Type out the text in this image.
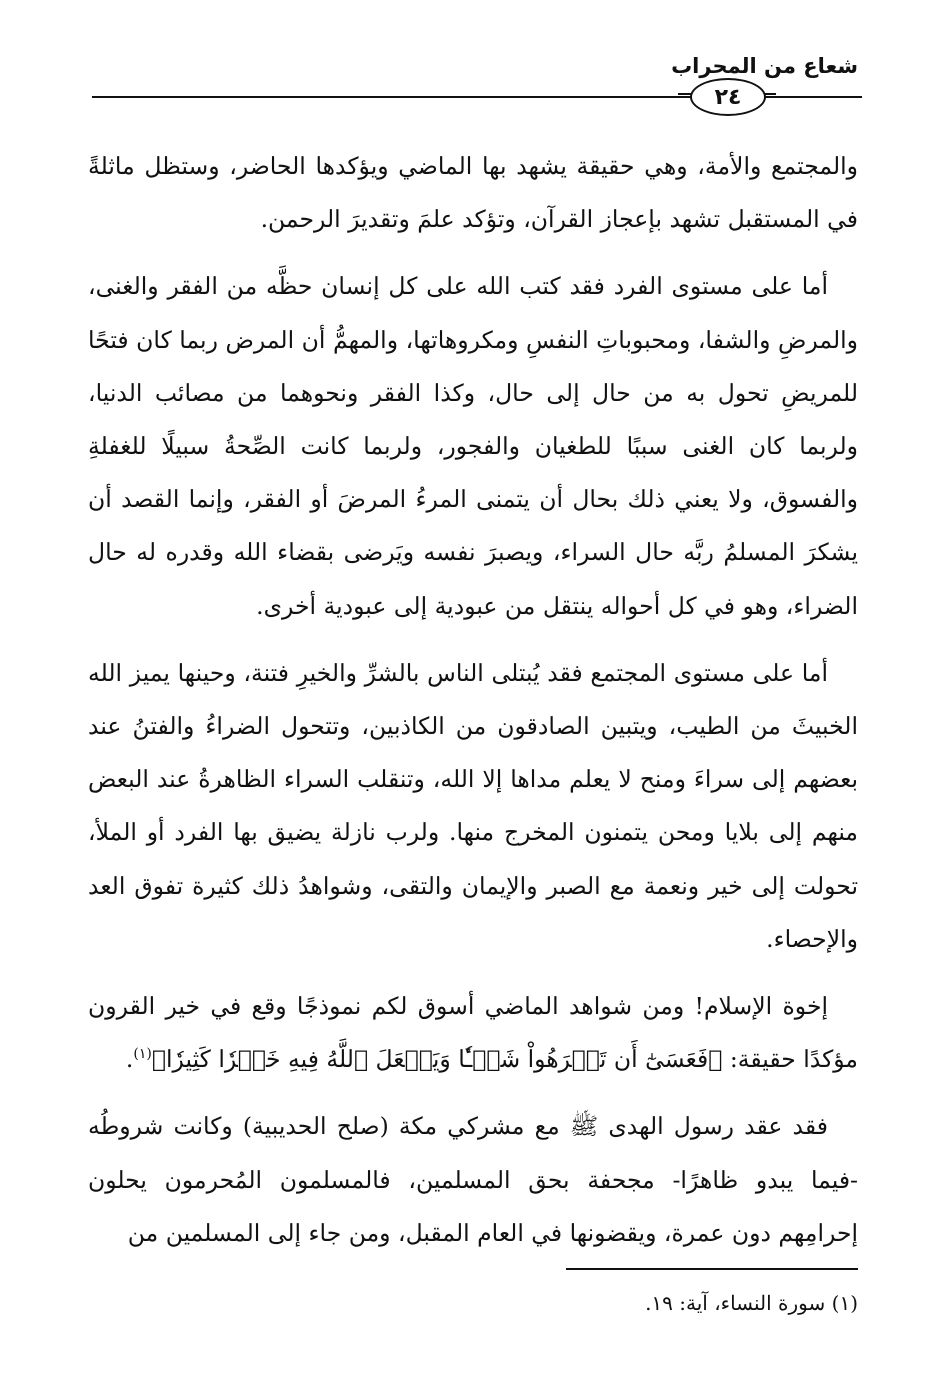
شعاع من المحراب
٢٤

والمجتمع والأمة، وهي حقيقة يشهد بها الماضي ويؤكدها الحاضر، وستظل ماثلةً في المستقبل تشهد بإعجاز القرآن، وتؤكد علمَ وتقديرَ الرحمن.

أما على مستوى الفرد فقد كتب الله على كل إنسان حظَّه من الفقر والغنى، والمرضِ والشفا، ومحبوباتِ النفسِ ومكروهاتها، والمهمُّ أن المرض ربما كان فتحًا للمريضِ تحول به من حال إلى حال، وكذا الفقر ونحوهما من مصائب الدنيا، ولربما كان الغنى سببًا للطغيان والفجور، ولربما كانت الصِّحةُ سبيلًا للغفلةِ والفسوق، ولا يعني ذلك بحال أن يتمنى المرءُ المرضَ أو الفقر، وإنما القصد أن يشكرَ المسلمُ ربَّه حال السراء، ويصبرَ نفسه ويَرضى بقضاء الله وقدره له حال الضراء، وهو في كل أحواله ينتقل من عبودية إلى عبودية أخرى.

أما على مستوى المجتمع فقد يُبتلى الناس بالشرِّ والخيرِ فتنة، وحينها يميز الله الخبيثَ من الطيب، ويتبين الصادقون من الكاذبين، وتتحول الضراءُ والفتنُ عند بعضهم إلى سراءَ ومنح لا يعلم مداها إلا الله، وتنقلب السراء الظاهرةُ عند البعض منهم إلى بلايا ومحن يتمنون المخرج منها. ولرب نازلة يضيق بها الفرد أو الملأ، تحولت إلى خير ونعمة مع الصبر والإيمان والتقى، وشواهدُ ذلك كثيرة تفوق العد والإحصاء.

إخوة الإسلام! ومن شواهد الماضي أسوق لكم نموذجًا وقع في خير القرون مؤكدًا حقيقة: ﴿فَعَسَىٰٓ أَن تَكۡرَهُواْ شَيۡـٔٗا وَيَجۡعَلَ ٱللَّهُ فِيهِ خَيۡرٗا كَثِيرٗا﴾$^{(١)}$.

فقد عقد رسول الهدى ﷺ مع مشركي مكة (صلح الحديبية) وكانت شروطُه -فيما يبدو ظاهرًا- مجحفة بحق المسلمين، فالمسلمون المُحرمون يحلون إحرامِهم دون عمرة، ويقضونها في العام المقبل، ومن جاء إلى المسلمين من

(١) سورة النساء، آية: ١٩.
